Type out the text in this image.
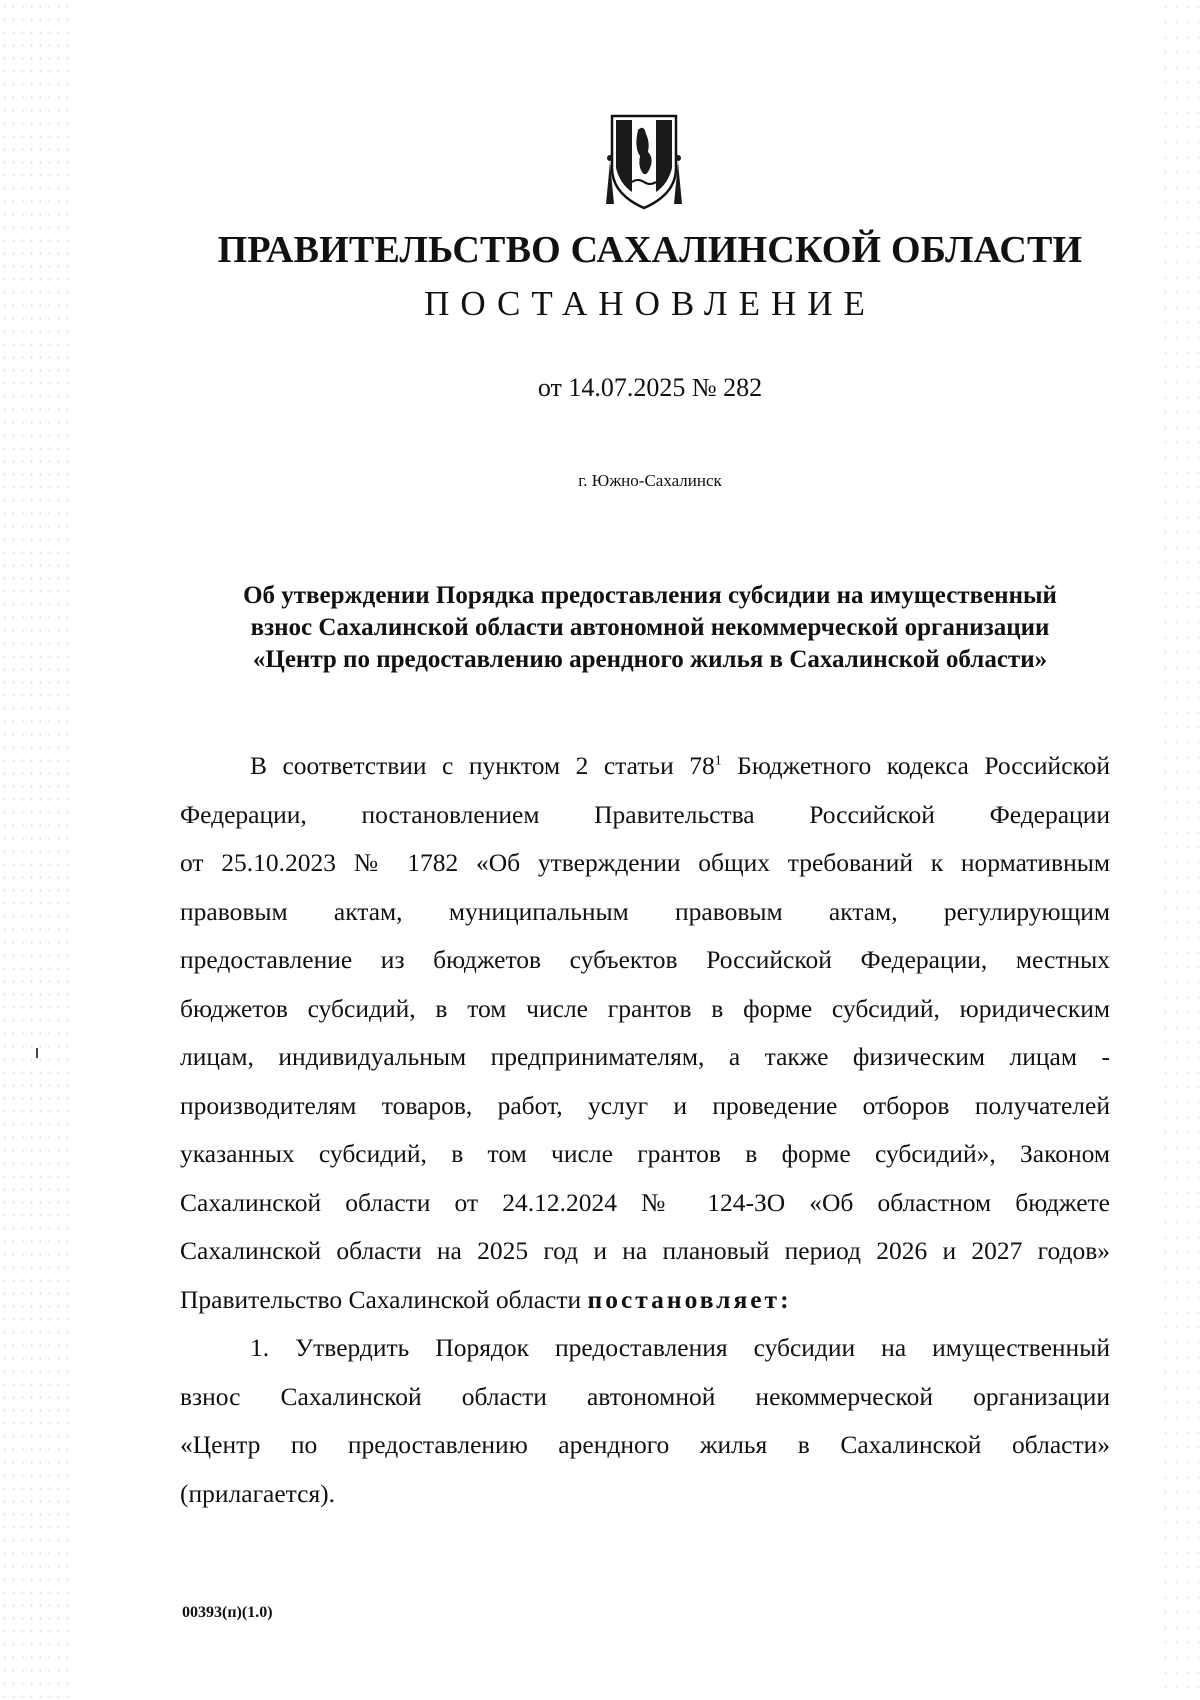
ПРАВИТЕЛЬСТВО САХАЛИНСКОЙ ОБЛАСТИ
ПОСТАНОВЛЕНИЕ
от 14.07.2025 № 282
г. Южно-Сахалинск
Об утверждении Порядка предоставления субсидии на имущественный
взнос Сахалинской области автономной некоммерческой организации
«Центр по предоставлению арендного жилья в Сахалинской области»
В соответствии с пунктом 2 статьи $78^1$ Бюджетного кодекса Российской
Федерации, постановлением Правительства Российской Федерации
от 25.10.2023 № 1782 «Об утверждении общих требований к нормативным
правовым актам, муниципальным правовым актам, регулирующим
предоставление из бюджетов субъектов Российской Федерации, местных
бюджетов субсидий, в том числе грантов в форме субсидий, юридическим
лицам, индивидуальным предпринимателям, а также физическим лицам -
производителям товаров, работ, услуг и проведение отборов получателей
указанных субсидий, в том числе грантов в форме субсидий», Законом
Сахалинской области от 24.12.2024 № 124-ЗО «Об областном бюджете
Сахалинской области на 2025 год и на плановый период 2026 и 2027 годов»
Правительство Сахалинской области постановляет:
1. Утвердить Порядок предоставления субсидии на имущественный
взнос Сахалинской области автономной некоммерческой организации
«Центр по предоставлению арендного жилья в Сахалинской области»
(прилагается).
00393(п)(1.0)
